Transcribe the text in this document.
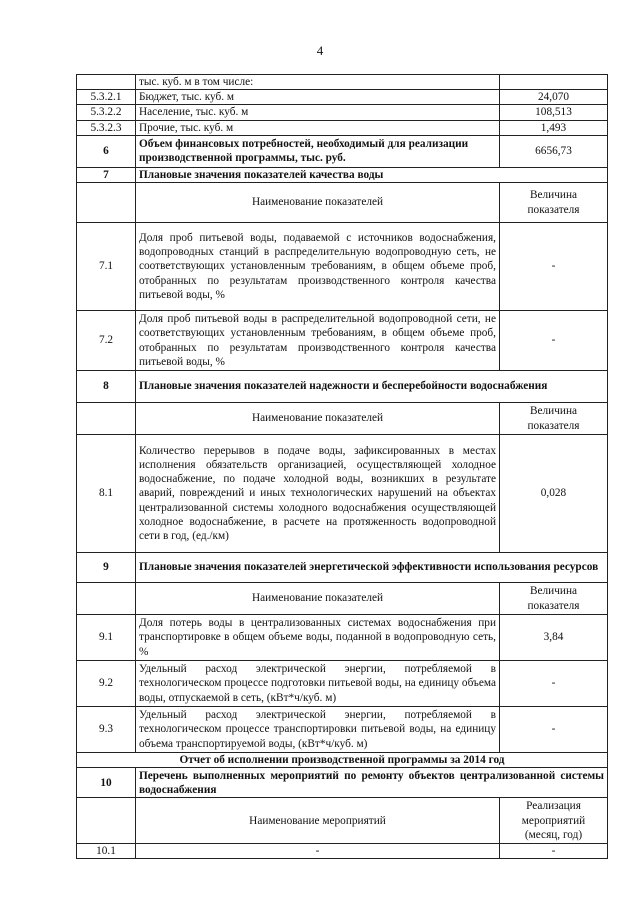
4
	тыс. куб. м в том числе:	
5.3.2.1	Бюджет, тыс. куб. м	24,070
5.3.2.2	Население, тыс. куб. м	108,513
5.3.2.3	Прочие, тыс. куб. м	1,493
6	Объем финансовых потребностей, необходимый для реализации производственной программы, тыс. руб.	6656,73
7	Плановые значения показателей качества воды	
	Наименование показателей	Величина показателя
7.1	Доля проб питьевой воды, подаваемой с источников водоснабжения, водопроводных станций в распределительную водопроводную сеть, не соответствующих установленным требованиям, в общем объеме проб, отобранных по результатам производственного контроля качества питьевой воды, %	-
7.2	Доля проб питьевой воды в распределительной водопроводной сети, не соответствующих установленным требованиям, в общем объеме проб, отобранных по результатам производственного контроля качества питьевой воды, %	-
8	Плановые значения показателей надежности и бесперебойности водоснабжения	
	Наименование показателей	Величина показателя
8.1	Количество перерывов в подаче воды, зафиксированных в местах исполнения обязательств организацией, осуществляющей холодное водоснабжение, по подаче холодной воды, возникших в результате аварий, повреждений и иных технологических нарушений на объектах централизованной системы холодного водоснабжения осуществляющей холодное водоснабжение, в расчете на протяженность водопроводной сети в год, (ед./км)	0,028
9	Плановые значения показателей энергетической эффективности использования ресурсов	
	Наименование показателей	Величина показателя
9.1	Доля потерь воды в централизованных системах водоснабжения при транспортировке в общем объеме воды, поданной в водопроводную сеть, %	3,84
9.2	Удельный расход электрической энергии, потребляемой в технологическом процессе подготовки питьевой воды, на единицу объема воды, отпускаемой в сеть, (кВт*ч/куб. м)	-
9.3	Удельный расход электрической энергии, потребляемой в технологическом процессе транспортировки питьевой воды, на единицу объема транспортируемой воды, (кВт*ч/куб. м)	-
Отчет об исполнении производственной программы за 2014 год		
10	Перечень выполненных мероприятий по ремонту объектов централизованной системы водоснабжения	
	Наименование мероприятий	Реализация мероприятий (месяц, год)
10.1	-	-
